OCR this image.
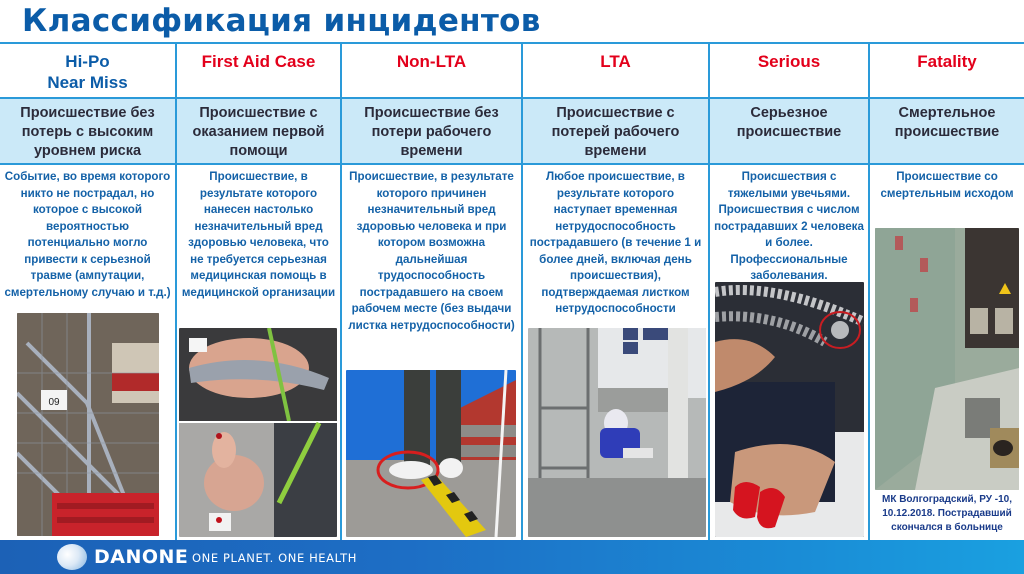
Классификация инцидентов
Hi-Po
Near Miss
Происшествие без потерь с высоким уровнем риска
Событие, во время которого никто не пострадал, но которое с высокой вероятностью потенциально могло привести к серьезной травме (ампутации, смертельному случаю и т.д.)
09
First Aid Case
Происшествие с оказанием первой помощи
Происшествие, в результате которого нанесен настолько незначительный вред здоровью человека, что не требуется серьезная медицинская помощь в медицинской организации
Non-LTA
Происшествие без потери рабочего времени
Происшествие, в результате которого причинен незначительный вред здоровью человека и при котором возможна дальнейшая трудоспособность пострадавшего на своем рабочем месте (без выдачи листка нетрудоспособности)
LTA
Происшествие с потерей рабочего времени
Любое происшествие, в результате которого наступает временная нетрудоспособность пострадавшего (в течение 1 и более дней, включая день происшествия), подтверждаемая листком нетрудоспособности
Serious
Серьезное происшествие
Происшествия с тяжелыми увечьями. Происшествия с числом пострадавших 2 человека и более. Профессиональные заболевания.
Fatality
Смертельное происшествие
Происшествие со смертельным исходом
МК Волгоградский, РУ -10, 10.12.2018. Пострадавший скончался в больнице
DANONE ONE PLANET. ONE HEALTH
